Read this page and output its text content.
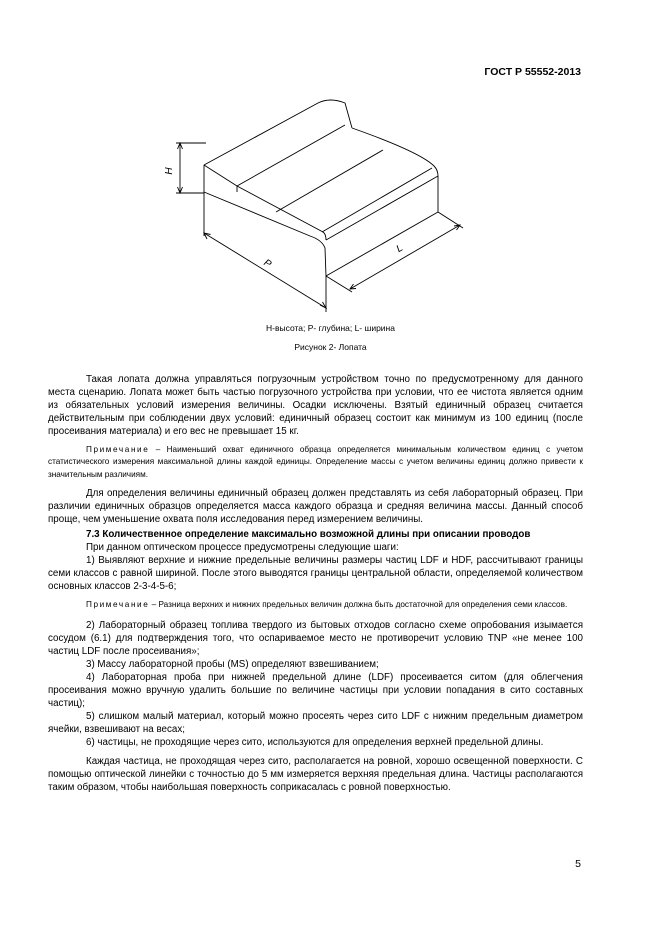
ГОСТ Р 55552-2013
H
P
L
Н-высота; Р- глубина; L- ширина
Рисунок 2- Лопата

Такая лопата должна управляться погрузочным устройством точно по предусмотренному для данного места сценарию. Лопата может быть частью погрузочного устройства при условии, что ее чистота является одним из обязательных условий измерения величины. Осадки исключены. Взятый единичный образец считается действительным при соблюдении двух условий: единичный образец состоит как минимум из 100 единиц (после просеивания материала) и его вес не превышает 15 кг.

Примечание – Наименьший охват единичного образца определяется минимальным количеством единиц с учетом статистического измерения максимальной длины каждой единицы. Определение массы с учетом величины единиц должно привести к значительным различиям.

Для определения величины единичный образец должен представлять из себя лабораторный образец. При различии единичных образцов определяется масса каждого образца и средняя величина массы. Данный способ проще, чем уменьшение охвата поля исследования перед измерением величины.

7.3 Количественное определение максимально возможной длины при описании проводов

При данном оптическом процессе предусмотрены следующие шаги:

1) Выявляют верхние и нижние предельные величины размеры частиц LDF и HDF, рассчитывают границы семи классов с равной шириной. После этого выводятся границы центральной области, определяемой количеством основных классов 2-3-4-5-6;

Примечание – Разница верхних и нижних предельных величин должна быть достаточной для определения семи классов.

2) Лабораторный образец топлива твердого из бытовых отходов согласно схеме опробования изымается сосудом (6.1) для подтверждения того, что оспариваемое место не противоречит условию TNP «не менее 100 частиц LDF после просеивания»;

3) Массу лабораторной пробы (MS) определяют взвешиванием;

4) Лабораторная проба при нижней предельной длине (LDF) просеивается ситом (для облегчения просеивания можно вручную удалить большие по величине частицы при условии попадания в сито составных частиц);

5) слишком малый материал, который можно просеять через сито LDF с нижним предельным диаметром ячейки, взвешивают на весах;

6) частицы, не проходящие через сито, используются для определения верхней предельной длины.

Каждая частица, не проходящая через сито, располагается на ровной, хорошо освещенной поверхности. С помощью оптической линейки с точностью до 5 мм измеряется верхняя предельная длина. Частицы располагаются таким образом, чтобы наибольшая поверхность соприкасалась с ровной поверхностью.

5
